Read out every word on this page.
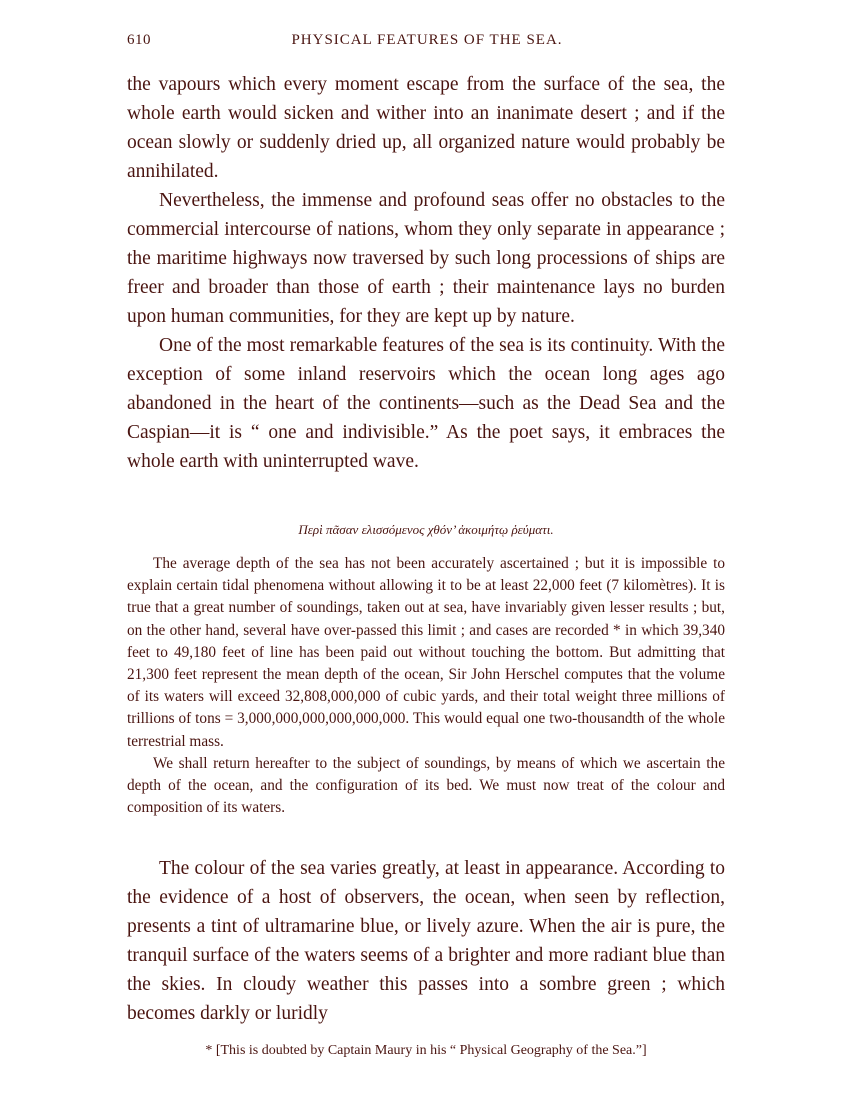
610	PHYSICAL FEATURES OF THE SEA.

the vapours which every moment escape from the surface of the sea, the whole earth would sicken and wither into an inanimate desert ; and if the ocean slowly or suddenly dried up, all organized nature would probably be annihilated.

Nevertheless, the immense and profound seas offer no obstacles to the commercial intercourse of nations, whom they only separate in appearance ; the maritime highways now traversed by such long processions of ships are freer and broader than those of earth ; their maintenance lays no burden upon human communities, for they are kept up by nature.

One of the most remarkable features of the sea is its continuity. With the exception of some inland reservoirs which the ocean long ages ago abandoned in the heart of the continents—such as the Dead Sea and the Caspian—it is “ one and indivisible.” As the poet says, it embraces the whole earth with uninterrupted wave.

Περὶ πᾶσαν ελισσόμενος χθόν’ ἀκοιμήτῳ ῥεύματι.

The average depth of the sea has not been accurately ascertained ; but it is impossible to explain certain tidal phenomena without allowing it to be at least 22,000 feet (7 kilomètres). It is true that a great number of soundings, taken out at sea, have invariably given lesser results ; but, on the other hand, several have over-passed this limit ; and cases are recorded * in which 39,340 feet to 49,180 feet of line has been paid out without touching the bottom. But admitting that 21,300 feet represent the mean depth of the ocean, Sir John Herschel computes that the volume of its waters will exceed 32,808,000,000 of cubic yards, and their total weight three millions of trillions of tons = 3,000,000,000,000,000,000. This would equal one two-thousandth of the whole terrestrial mass.

We shall return hereafter to the subject of soundings, by means of which we ascertain the depth of the ocean, and the configuration of its bed. We must now treat of the colour and composition of its waters.

The colour of the sea varies greatly, at least in appearance. According to the evidence of a host of observers, the ocean, when seen by reflection, presents a tint of ultramarine blue, or lively azure. When the air is pure, the tranquil surface of the waters seems of a brighter and more radiant blue than the skies. In cloudy weather this passes into a sombre green ; which becomes darkly or luridly

* [This is doubted by Captain Maury in his “ Physical Geography of the Sea.”]
